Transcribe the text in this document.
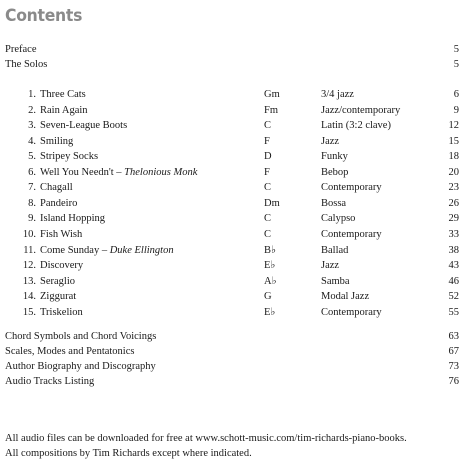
Contents
Preface	5
The Solos	5
1. Three Cats	Gm	3/4 jazz	6
2. Rain Again	Fm	Jazz/contemporary	9
3. Seven-League Boots	C	Latin (3:2 clave)	12
4. Smiling	F	Jazz	15
5. Stripey Socks	D	Funky	18
6. Well You Needn't – Thelonious Monk	F	Bebop	20
7. Chagall	C	Contemporary	23
8. Pandeiro	Dm	Bossa	26
9. Island Hopping	C	Calypso	29
10. Fish Wish	C	Contemporary	33
11. Come Sunday – Duke Ellington	B♭	Ballad	38
12. Discovery	E♭	Jazz	43
13. Seraglio	A♭	Samba	46
14. Ziggurat	G	Modal Jazz	52
15. Triskelion	E♭	Contemporary	55
Chord Symbols and Chord Voicings	63
Scales, Modes and Pentatonics	67
Author Biography and Discography	73
Audio Tracks Listing	76
All audio files can be downloaded for free at www.schott-music.com/tim-richards-piano-books.
All compositions by Tim Richards except where indicated.
